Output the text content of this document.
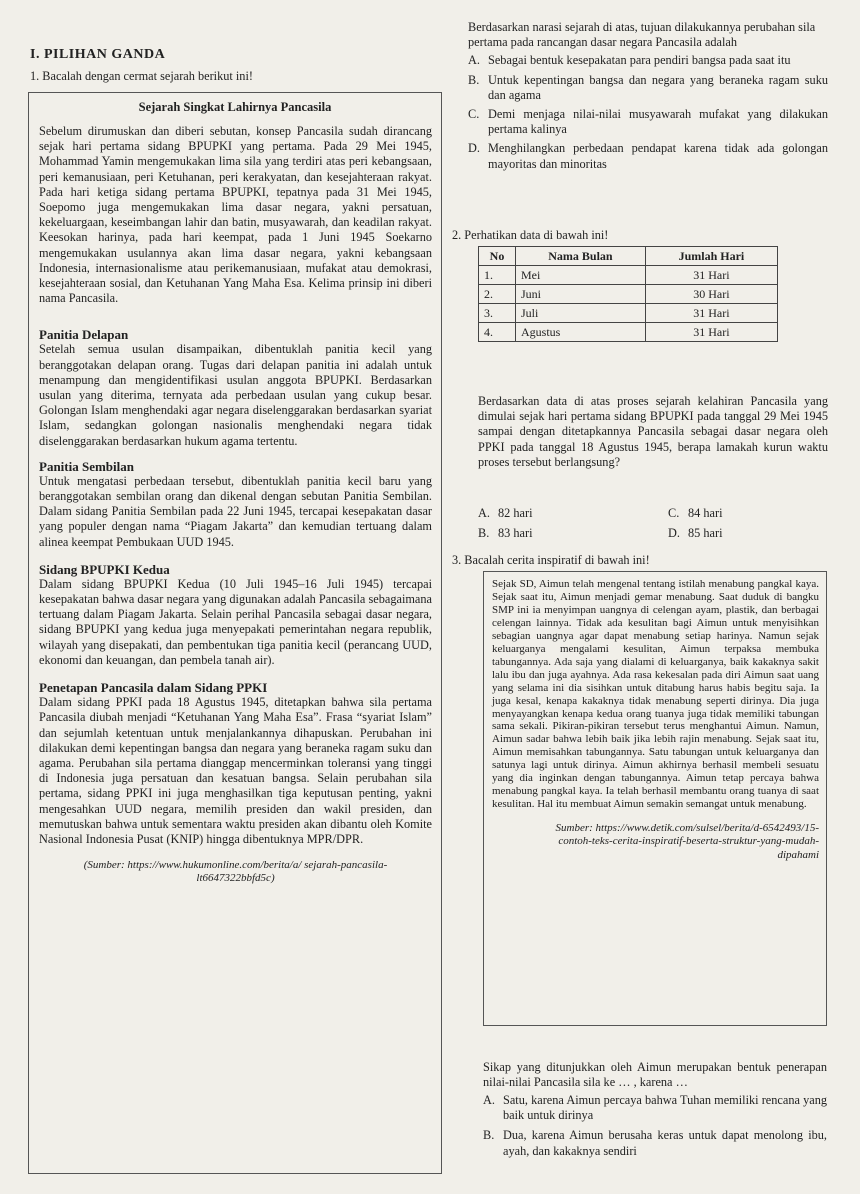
I. PILIHAN GANDA
1. Bacalah dengan cermat sejarah berikut ini!
Sejarah Singkat Lahirnya Pancasila

Sebelum dirumuskan dan diberi sebutan, konsep Pancasila sudah dirancang sejak hari pertama sidang BPUPKI yang pertama. Pada 29 Mei 1945, Mohammad Yamin mengemukakan lima sila yang terdiri atas peri kebangsaan, peri kemanusiaan, peri Ketuhanan, peri kerakyatan, dan kesejahteraan rakyat. Pada hari ketiga sidang pertama BPUPKI, tepatnya pada 31 Mei 1945, Soepomo juga mengemukakan lima dasar negara, yakni persatuan, kekeluargaan, keseimbangan lahir dan batin, musyawarah, dan keadilan rakyat. Keesokan harinya, pada hari keempat, pada 1 Juni 1945 Soekarno mengemukakan usulannya akan lima dasar negara, yakni kebangsaan Indonesia, internasionalisme atau perikemanusiaan, mufakat atau demokrasi, kesejahteraan sosial, dan Ketuhanan Yang Maha Esa. Kelima prinsip ini diberi nama Pancasila.

Panitia Delapan

Setelah semua usulan disampaikan, dibentuklah panitia kecil yang beranggotakan delapan orang. Tugas dari delapan panitia ini adalah untuk menampung dan mengidentifikasi usulan anggota BPUPKI. Berdasarkan usulan yang diterima, ternyata ada perbedaan usulan yang cukup besar. Golongan Islam menghendaki agar negara diselenggarakan berdasarkan syariat Islam, sedangkan golongan nasionalis menghendaki negara tidak diselenggarakan berdasarkan hukum agama tertentu.

Panitia Sembilan

Untuk mengatasi perbedaan tersebut, dibentuklah panitia kecil baru yang beranggotakan sembilan orang dan dikenal dengan sebutan Panitia Sembilan. Dalam sidang Panitia Sembilan pada 22 Juni 1945, tercapai kesepakatan dasar yang populer dengan nama “Piagam Jakarta” dan kemudian tertuang dalam alinea keempat Pembukaan UUD 1945.

Sidang BPUPKI Kedua

Dalam sidang BPUPKI Kedua (10 Juli 1945–16 Juli 1945) tercapai kesepakatan bahwa dasar negara yang digunakan adalah Pancasila sebagaimana tertuang dalam Piagam Jakarta. Selain perihal Pancasila sebagai dasar negara, sidang BPUPKI yang kedua juga menyepakati pemerintahan negara republik, wilayah yang disepakati, dan pembentukan tiga panitia kecil (perancang UUD, ekonomi dan keuangan, dan pembela tanah air).

Penetapan Pancasila dalam Sidang PPKI

Dalam sidang PPKI pada 18 Agustus 1945, ditetapkan bahwa sila pertama Pancasila diubah menjadi “Ketuhanan Yang Maha Esa”. Frasa “syariat Islam” dan sejumlah ketentuan untuk menjalankannya dihapuskan. Perubahan ini dilakukan demi kepentingan bangsa dan negara yang beraneka ragam suku dan agama. Perubahan sila pertama dianggap mencerminkan toleransi yang tinggi di Indonesia juga persatuan dan kesatuan bangsa. Selain perubahan sila pertama, sidang PPKI ini juga menghasilkan tiga keputusan penting, yakni mengesahkan UUD negara, memilih presiden dan wakil presiden, dan memutuskan bahwa untuk sementara waktu presiden akan dibantu oleh Komite Nasional Indonesia Pusat (KNIP) hingga dibentuknya MPR/DPR.

(Sumber: https://www.hukumonline.com/berita/a/ sejarah-pancasila-lt6647322bbfd5c)

Berdasarkan narasi sejarah di atas, tujuan dilakukannya perubahan sila pertama pada rancangan dasar negara Pancasila adalah

A. Sebagai bentuk kesepakatan para pendiri bangsa pada saat itu
B. Untuk kepentingan bangsa dan negara yang beraneka ragam suku dan agama
C. Demi menjaga nilai-nilai musyawarah mufakat yang dilakukan pertama kalinya
D. Menghilangkan perbedaan pendapat karena tidak ada golongan mayoritas dan minoritas
2. Perhatikan data di bawah ini!
No	Nama Bulan	Jumlah Hari
1.	Mei	31 Hari
2.	Juni	30 Hari
3.	Juli	31 Hari
4.	Agustus	31 Hari

Berdasarkan data di atas proses sejarah kelahiran Pancasila yang dimulai sejak hari pertama sidang BPUPKI pada tanggal 29 Mei 1945 sampai dengan ditetapkannya Pancasila sebagai dasar negara oleh PPKI pada tanggal 18 Agustus 1945, berapa lamakah kurun waktu proses tersebut berlangsung?

A. 82 hari	C. 84 hari
B. 83 hari	D. 85 hari
3. Bacalah cerita inspiratif di bawah ini!

Sejak SD, Aimun telah mengenal tentang istilah menabung pangkal kaya. Sejak saat itu, Aimun menjadi gemar menabung. Saat duduk di bangku SMP ini ia menyimpan uangnya di celengan ayam, plastik, dan berbagai celengan lainnya. Tidak ada kesulitan bagi Aimun untuk menyisihkan sebagian uangnya agar dapat menabung setiap harinya. Namun sejak keluarganya mengalami kesulitan, Aimun terpaksa membuka tabungannya. Ada saja yang dialami di keluarganya, baik kakaknya sakit lalu ibu dan juga ayahnya. Ada rasa kekesalan pada diri Aimun saat uang yang selama ini dia sisihkan untuk ditabung harus habis begitu saja. Ia juga kesal, kenapa kakaknya tidak menabung seperti dirinya. Dia juga menyayangkan kenapa kedua orang tuanya juga tidak memiliki tabungan sama sekali. Pikiran-pikiran tersebut terus menghantui Aimun. Namun, Aimun sadar bahwa lebih baik jika lebih rajin menabung. Sejak saat itu, Aimun memisahkan tabungannya. Satu tabungan untuk keluarganya dan satunya lagi untuk dirinya. Aimun akhirnya berhasil membeli sesuatu yang dia inginkan dengan tabungannya. Aimun tetap percaya bahwa menabung pangkal kaya. Ia telah berhasil membantu orang tuanya di saat kesulitan. Hal itu membuat Aimun semakin semangat untuk menabung.

Sumber: https://www.detik.com/sulsel/berita/d-6542493/15-contoh-teks-cerita-inspiratif-beserta-struktur-yang-mudah-dipahami

Sikap yang ditunjukkan oleh Aimun merupakan bentuk penerapan nilai-nilai Pancasila sila ke … , karena …

A. Satu, karena Aimun percaya bahwa Tuhan memiliki rencana yang baik untuk dirinya
B. Dua, karena Aimun berusaha keras untuk dapat menolong ibu, ayah, dan kakaknya sendiri
